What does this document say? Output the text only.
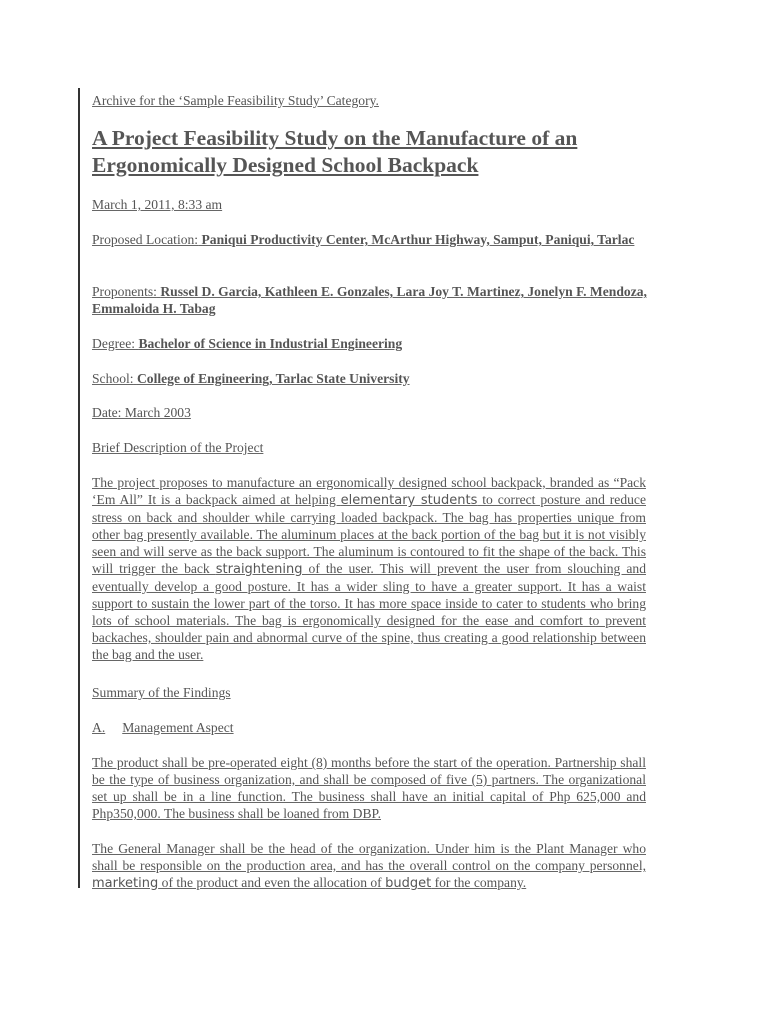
Archive for the ‘Sample Feasibility Study’ Category.

A Project Feasibility Study on the Manufacture of an Ergonomically Designed School Backpack

March 1, 2011, 8:33 am

Proposed Location: Paniqui Productivity Center, McArthur Highway, Samput, Paniqui, Tarlac

Proponents: Russel D. Garcia, Kathleen E. Gonzales, Lara Joy T. Martinez, Jonelyn F. Mendoza, Emmaloida H. Tabag

Degree: Bachelor of Science in Industrial Engineering

School: College of Engineering, Tarlac State University

Date: March 2003

Brief Description of the Project

The project proposes to manufacture an ergonomically designed school backpack, branded as “Pack ‘Em All” It is a backpack aimed at helping elementary students to correct posture and reduce stress on back and shoulder while carrying loaded backpack. The bag has properties unique from other bag presently available. The aluminum places at the back portion of the bag but it is not visibly seen and will serve as the back support. The aluminum is contoured to fit the shape of the back. This will trigger the back straightening of the user. This will prevent the user from slouching and eventually develop a good posture. It has a wider sling to have a greater support. It has a waist support to sustain the lower part of the torso. It has more space inside to cater to students who bring lots of school materials. The bag is ergonomically designed for the ease and comfort to prevent backaches, shoulder pain and abnormal curve of the spine, thus creating a good relationship between the bag and the user.

Summary of the Findings

A. Management Aspect

The product shall be pre-operated eight (8) months before the start of the operation. Partnership shall be the type of business organization, and shall be composed of five (5) partners. The organizational set up shall be in a line function. The business shall have an initial capital of Php 625,000 and Php350,000. The business shall be loaned from DBP.

The General Manager shall be the head of the organization. Under him is the Plant Manager who shall be responsible on the production area, and has the overall control on the company personnel, marketing of the product and even the allocation of budget for the company.
